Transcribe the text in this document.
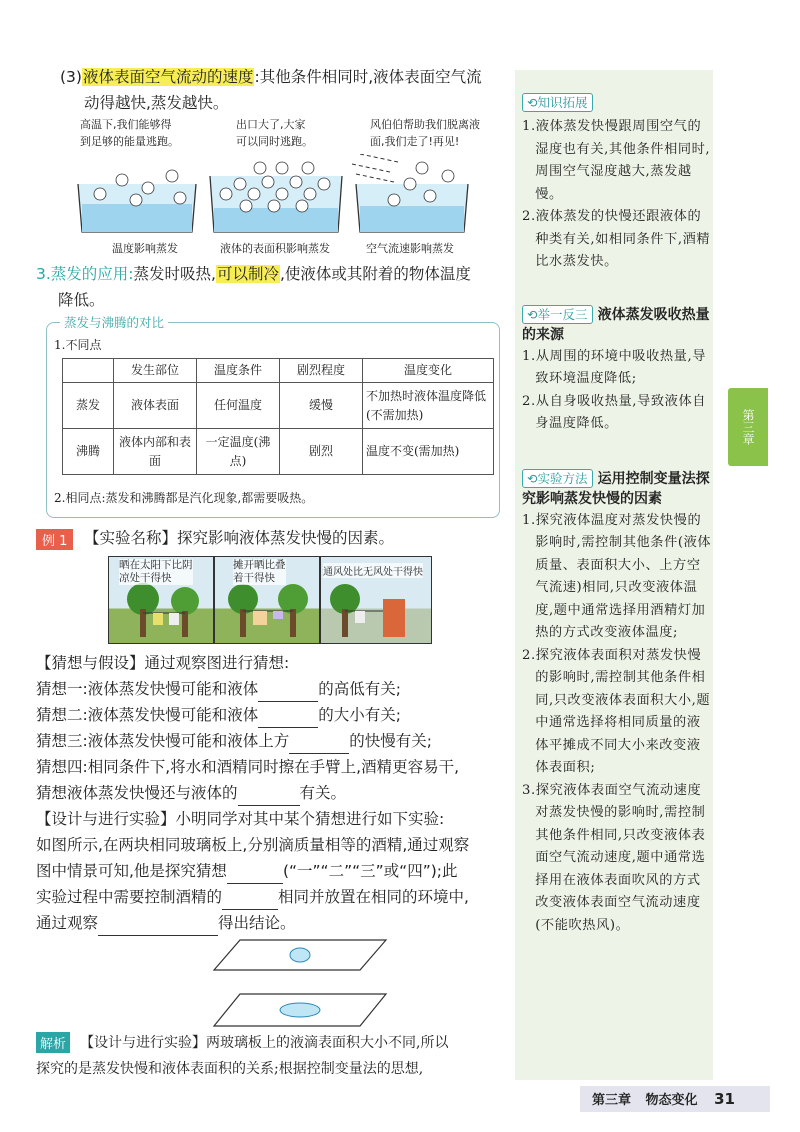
(3)液体表面空气流动的速度:其他条件相同时,液体表面空气流
动得越快,蒸发越快。
高温下,我们能够得
到足够的能量逃跑。
出口大了,大家
可以同时逃跑。
风伯伯帮助我们脱离液
面,我们走了!再见!
温度影响蒸发	液体的表面积影响蒸发	空气流速影响蒸发
3.蒸发的应用:蒸发时吸热,可以制冷,使液体或其附着的物体温度
降低。
蒸发与沸腾的对比
1.不同点
	发生部位	温度条件	剧烈程度	温度变化
蒸发	液体表面	任何温度	缓慢	不加热时液体温度降低(不需加热)
沸腾	液体内部和表面	一定温度(沸点)	剧烈	温度不变(需加热)
2.相同点:蒸发和沸腾都是汽化现象,都需要吸热。
例 1	【实验名称】探究影响液体蒸发快慢的因素。
晒在太阳下比阴
凉处干得快
摊开晒比叠
着干得快	通风处比无风处干得快
【猜想与假设】通过观察图进行猜想:
猜想一:液体蒸发快慢可能和液体	的高低有关;
猜想二:液体蒸发快慢可能和液体	的大小有关;
猜想三:液体蒸发快慢可能和液体上方	的快慢有关;
猜想四:相同条件下,将水和酒精同时擦在手臂上,酒精更容易干,
猜想液体蒸发快慢还与液体的	有关。
【设计与进行实验】小明同学对其中某个猜想进行如下实验:
如图所示,在两块相同玻璃板上,分别滴质量相等的酒精,通过观察
图中情景可知,他是探究猜想	(“一”“二”“三”或“四”);此
实验过程中需要控制酒精的	相同并放置在相同的环境中,
通过观察	得出结论。
解析 【设计与进行实验】两玻璃板上的液滴表面积大小不同,所以
探究的是蒸发快慢和液体表面积的关系;根据控制变量法的思想,
⟲知识拓展
1.液体蒸发快慢跟周围空气的湿度也有关,其他条件相同时,周围空气湿度越大,蒸发越慢。
2.液体蒸发的快慢还跟液体的种类有关,如相同条件下,酒精比水蒸发快。
⟲举一反三 液体蒸发吸收热量的来源
1.从周围的环境中吸收热量,导致环境温度降低;
2.从自身吸收热量,导致液体自身温度降低。
⟲实验方法 运用控制变量法探究影响蒸发快慢的因素
1.探究液体温度对蒸发快慢的影响时,需控制其他条件(液体质量、表面积大小、上方空气流速)相同,只改变液体温度,题中通常选择用酒精灯加热的方式改变液体温度;
2.探究液体表面积对蒸发快慢的影响时,需控制其他条件相同,只改变液体表面积大小,题中通常选择将相同质量的液体平摊成不同大小来改变液体表面积;
3.探究液体表面空气流动速度对蒸发快慢的影响时,需控制其他条件相同,只改变液体表面空气流动速度,题中通常选择用在液体表面吹风的方式改变液体表面空气流动速度(不能吹热风)。
第三章
第三章 物态变化 31
